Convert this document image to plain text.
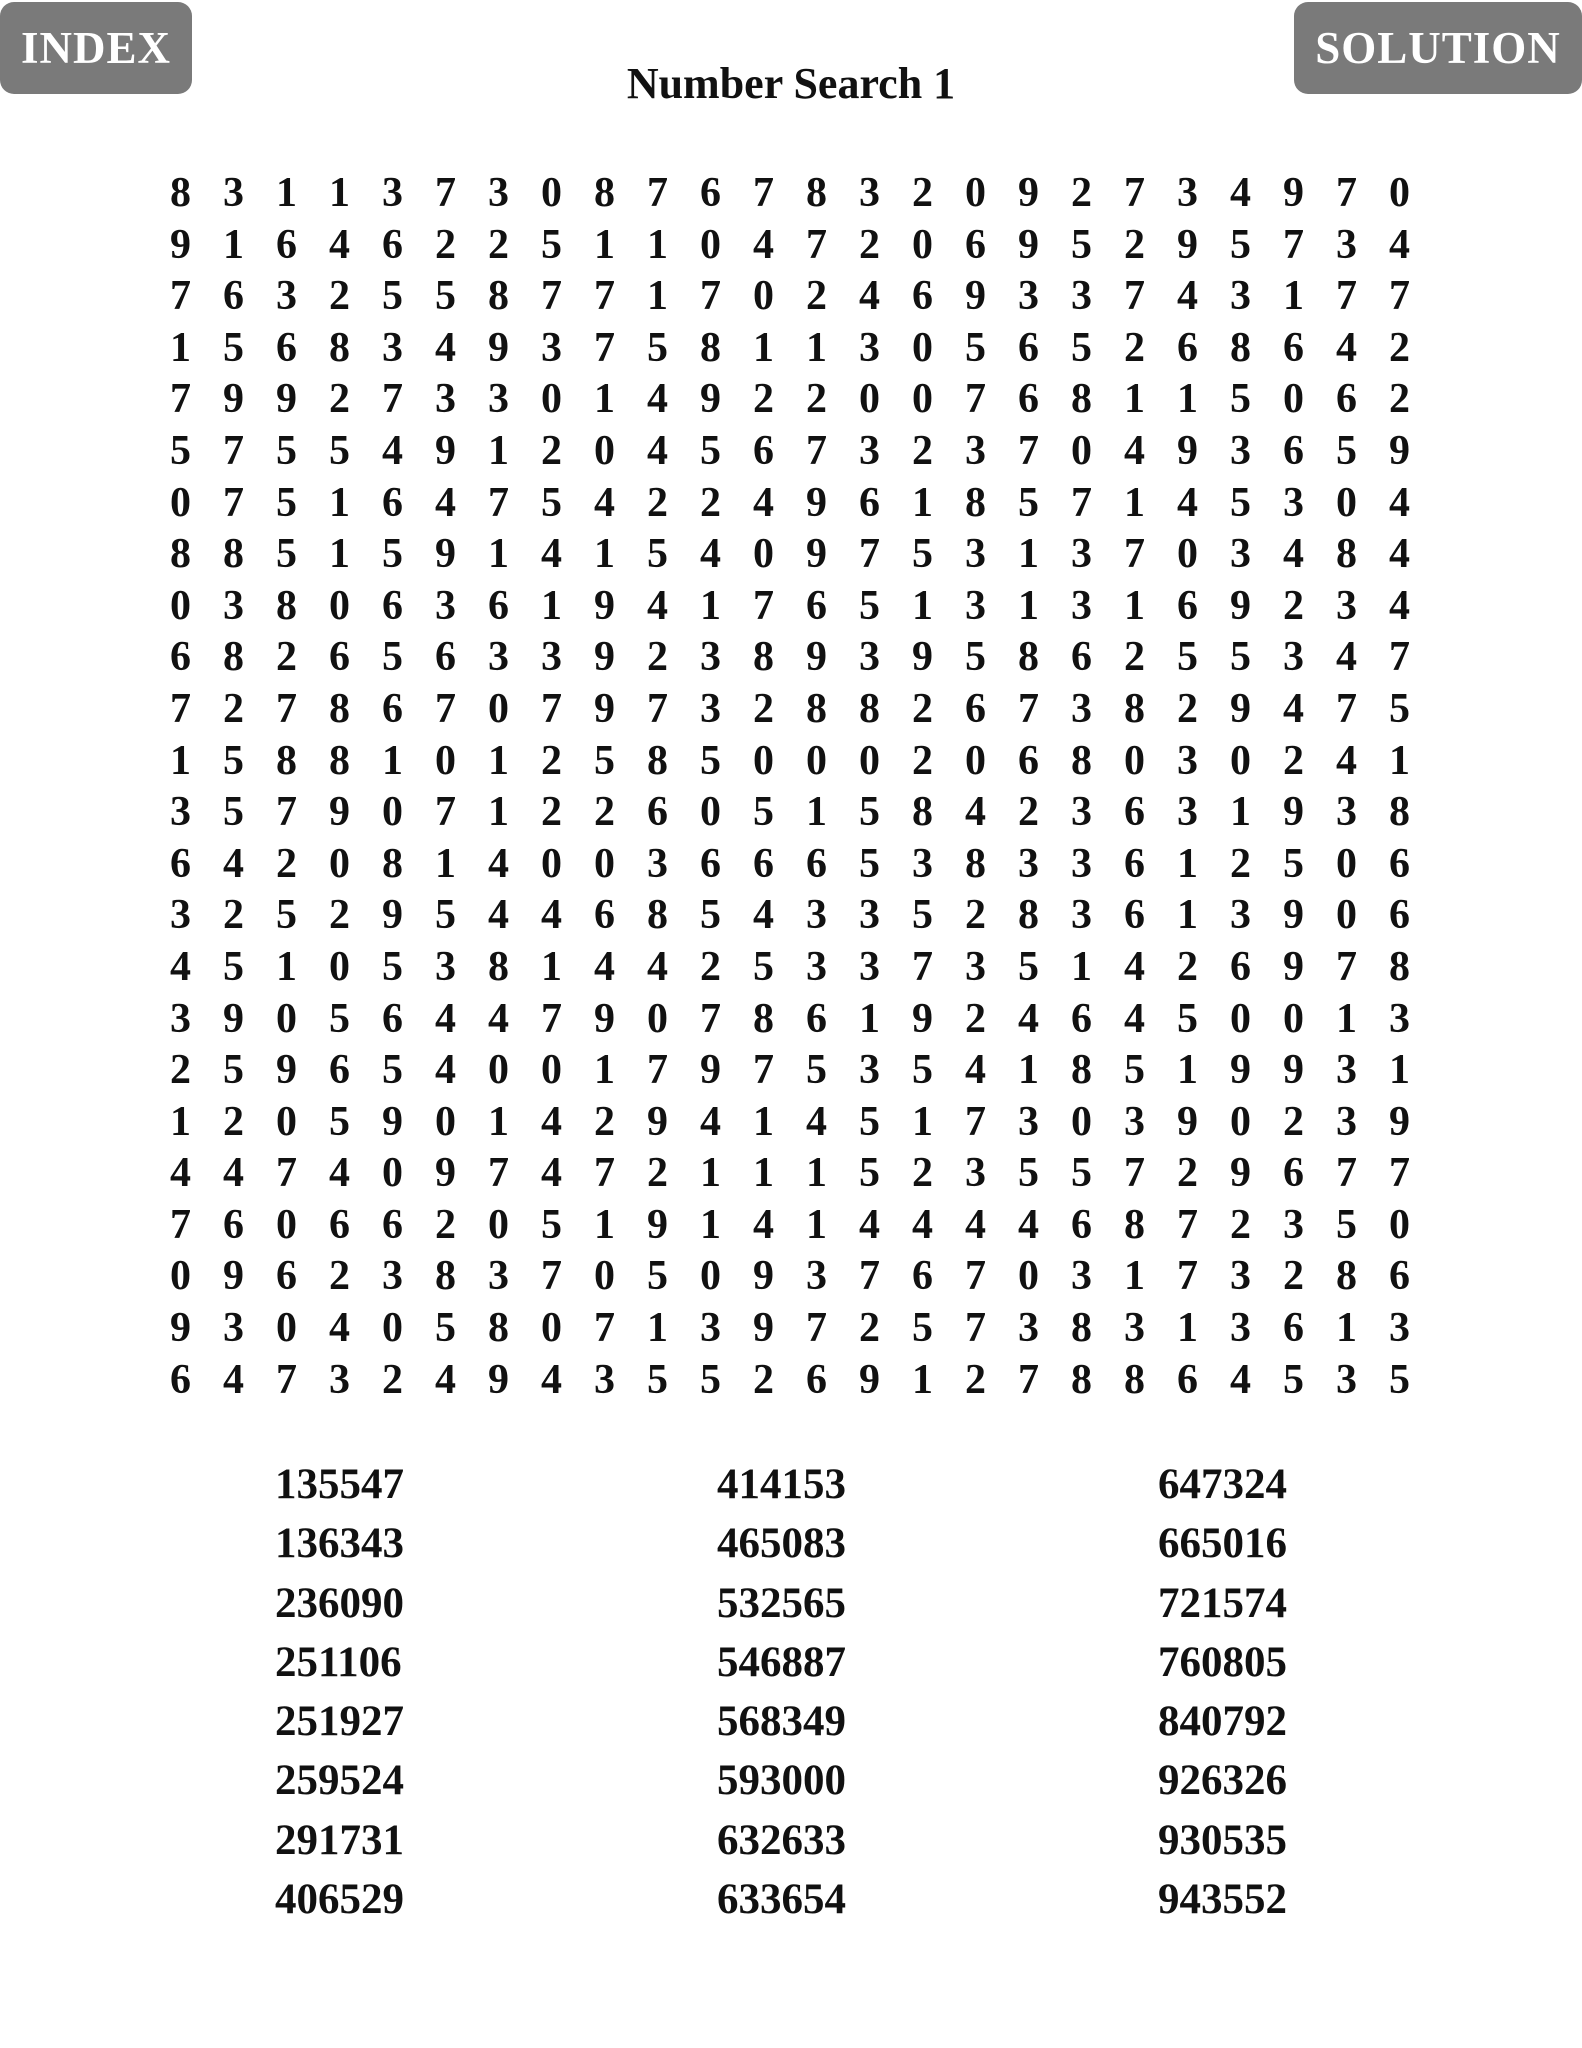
INDEX	SOLUTION
Number Search 1
8 3 1 1 3 7 3 0 8 7 6 7 8 3 2 0 9 2 7 3 4 9 7 0
9 1 6 4 6 2 2 5 1 1 0 4 7 2 0 6 9 5 2 9 5 7 3 4
7 6 3 2 5 5 8 7 7 1 7 0 2 4 6 9 3 3 7 4 3 1 7 7
1 5 6 8 3 4 9 3 7 5 8 1 1 3 0 5 6 5 2 6 8 6 4 2
7 9 9 2 7 3 3 0 1 4 9 2 2 0 0 7 6 8 1 1 5 0 6 2
5 7 5 5 4 9 1 2 0 4 5 6 7 3 2 3 7 0 4 9 3 6 5 9
0 7 5 1 6 4 7 5 4 2 2 4 9 6 1 8 5 7 1 4 5 3 0 4
8 8 5 1 5 9 1 4 1 5 4 0 9 7 5 3 1 3 7 0 3 4 8 4
0 3 8 0 6 3 6 1 9 4 1 7 6 5 1 3 1 3 1 6 9 2 3 4
6 8 2 6 5 6 3 3 9 2 3 8 9 3 9 5 8 6 2 5 5 3 4 7
7 2 7 8 6 7 0 7 9 7 3 2 8 8 2 6 7 3 8 2 9 4 7 5
1 5 8 8 1 0 1 2 5 8 5 0 0 0 2 0 6 8 0 3 0 2 4 1
3 5 7 9 0 7 1 2 2 6 0 5 1 5 8 4 2 3 6 3 1 9 3 8
6 4 2 0 8 1 4 0 0 3 6 6 6 5 3 8 3 3 6 1 2 5 0 6
3 2 5 2 9 5 4 4 6 8 5 4 3 3 5 2 8 3 6 1 3 9 0 6
4 5 1 0 5 3 8 1 4 4 2 5 3 3 7 3 5 1 4 2 6 9 7 8
3 9 0 5 6 4 4 7 9 0 7 8 6 1 9 2 4 6 4 5 0 0 1 3
2 5 9 6 5 4 0 0 1 7 9 7 5 3 5 4 1 8 5 1 9 9 3 1
1 2 0 5 9 0 1 4 2 9 4 1 4 5 1 7 3 0 3 9 0 2 3 9
4 4 7 4 0 9 7 4 7 2 1 1 1 5 2 3 5 5 7 2 9 6 7 7
7 6 0 6 6 2 0 5 1 9 1 4 1 4 4 4 4 6 8 7 2 3 5 0
0 9 6 2 3 8 3 7 0 5 0 9 3 7 6 7 0 3 1 7 3 2 8 6
9 3 0 4 0 5 8 0 7 1 3 9 7 2 5 7 3 8 3 1 3 6 1 3
6 4 7 3 2 4 9 4 3 5 5 2 6 9 1 2 7 8 8 6 4 5 3 5
135547
136343
236090
251106
251927
259524
291731
406529
414153
465083
532565
546887
568349
593000
632633
633654
647324
665016
721574
760805
840792
926326
930535
943552
